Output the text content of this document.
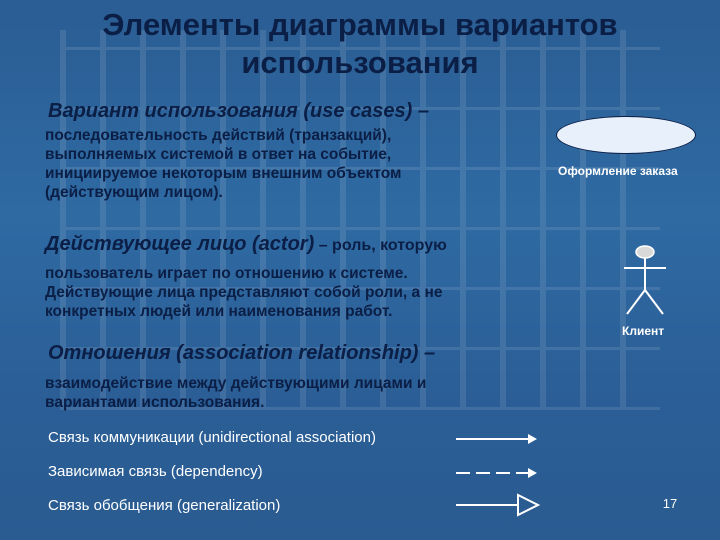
Элементы диаграммы вариантов
использования
Вариант использования (use cases) –
последовательность действий (транзакций),
выполняемых системой в ответ на событие,
инициируемое некоторым внешним объектом
(действующим лицом).
Оформление заказа
Действующее лицо (actor) – роль, которую
пользователь играет по отношению к системе.
Действующие лица представляют собой роли, а не
конкретных людей или наименования работ.
Клиент
Отношения (association relationship) –
взаимодействие между действующими лицами и
вариантами использования.
Связь коммуникации (unidirectional association)
Зависимая связь (dependency)
Связь обобщения (generalization)	17
